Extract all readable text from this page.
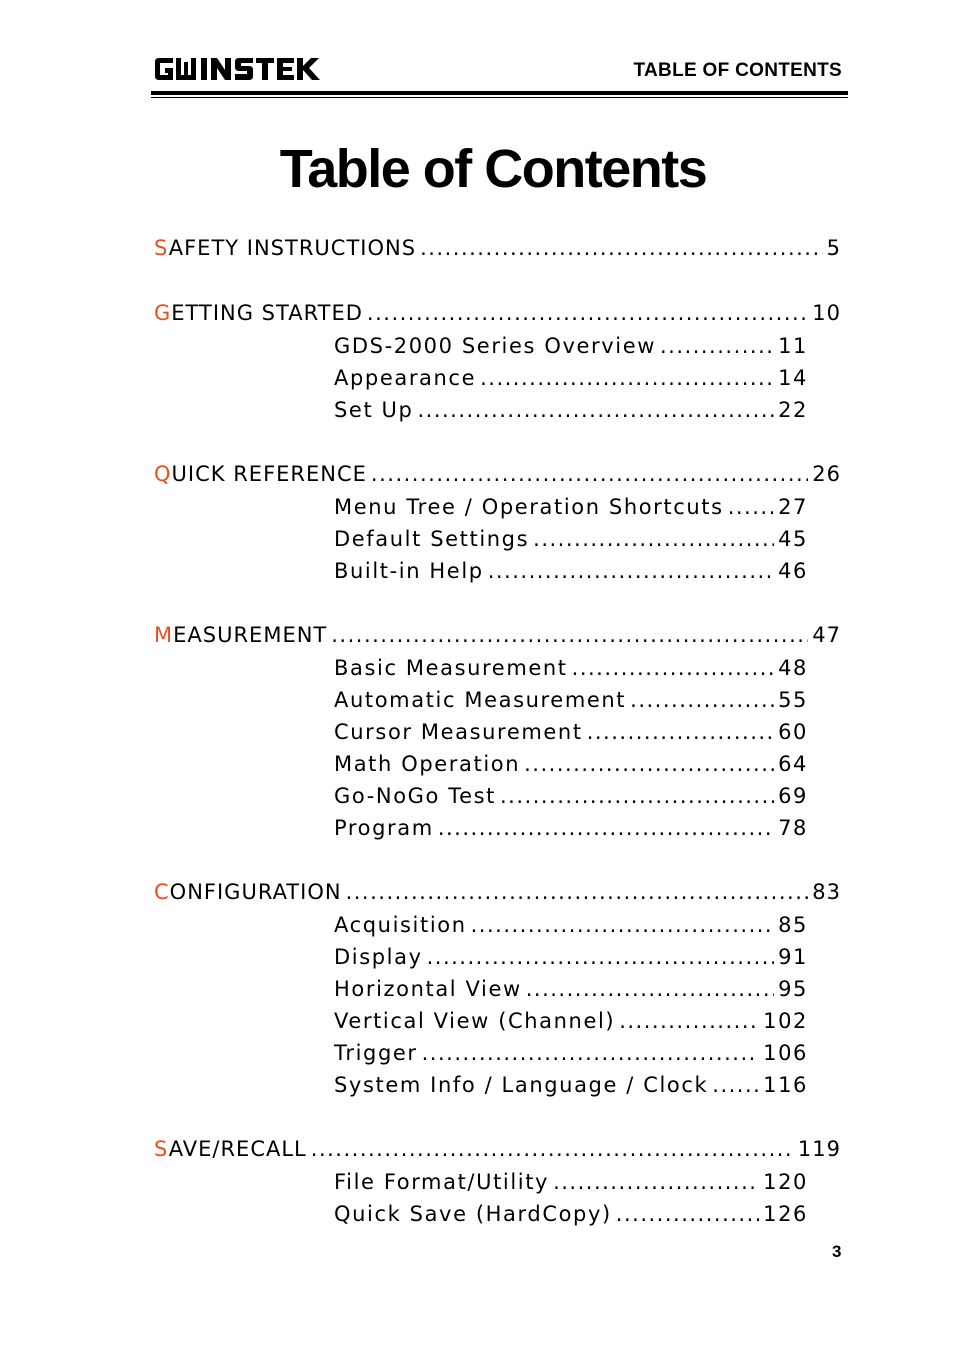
TABLE OF CONTENTS
Table of Contents
SAFETY INSTRUCTIONS .....	5
GETTING STARTED .....	10
GDS-2000 Series Overview .....	11
Appearance .....	14
Set Up .....	22
QUICK REFERENCE .....	26
Menu Tree / Operation Shortcuts .....	27
Default Settings .....	45
Built-in Help .....	46
MEASUREMENT .....	47
Basic Measurement .....	48
Automatic Measurement .....	55
Cursor Measurement .....	60
Math Operation .....	64
Go-NoGo Test .....	69
Program .....	78
CONFIGURATION .....	83
Acquisition .....	85
Display .....	91
Horizontal View .....	95
Vertical View (Channel) .....	102
Trigger .....	106
System Info / Language / Clock .....	116
SAVE/RECALL .....	119
File Format/Utility .....	120
Quick Save (HardCopy) .....	126
3
